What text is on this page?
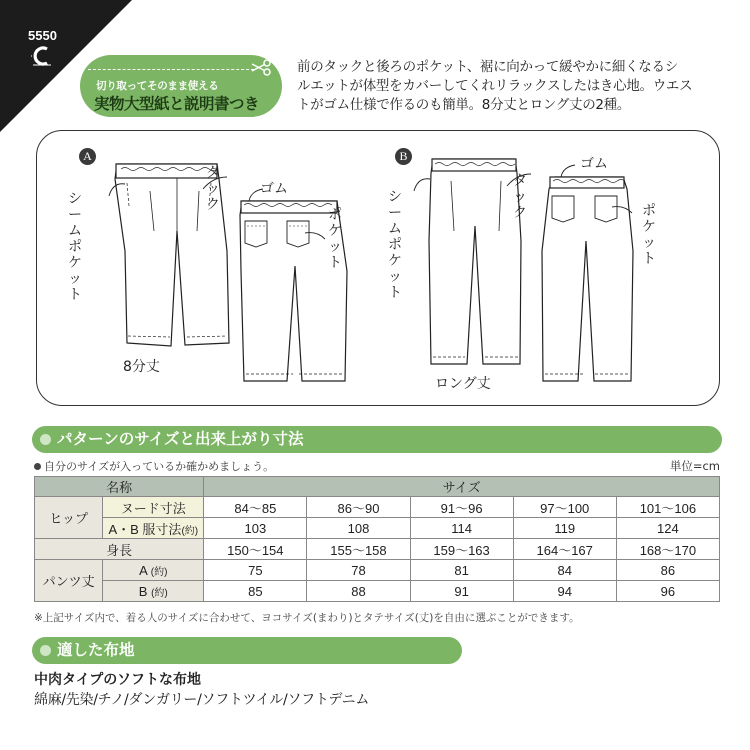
5550
切り取ってそのまま使える
実物大型紙と説明書つき
前のタックと後ろのポケット、裾に向かって緩やかに細くなるシ
ルエットが体型をカバーしてくれリラックスしたはき心地。ウエス
トがゴム仕様で作るのも簡単。8分丈とロング丈の2種。
A
シームポケット
タック
ゴム
ポケット
8分丈
B
シームポケット
タック
ゴム
ポケット
ロング丈
パターンのサイズと出来上がり寸法
自分のサイズが入っているか確かめましょう。	単位=cm
名称		サイズ				
ヒップ	ヌード寸法	84〜85	86〜90	91〜96	97〜100	101〜106
	A・B 服寸法(約)	103	108	114	119	124
身長		150〜154	155〜158	159〜163	164〜167	168〜170
パンツ丈	A (約)	75	78	81	84	86
	B (約)	85	88	91	94	96
※上記サイズ内で、着る人のサイズに合わせて、ヨコサイズ(まわり)とタテサイズ(丈)を自由に選ぶことができます。
適した布地
中肉タイプのソフトな布地
綿麻/先染/チノ/ダンガリー/ソフトツイル/ソフトデニム
